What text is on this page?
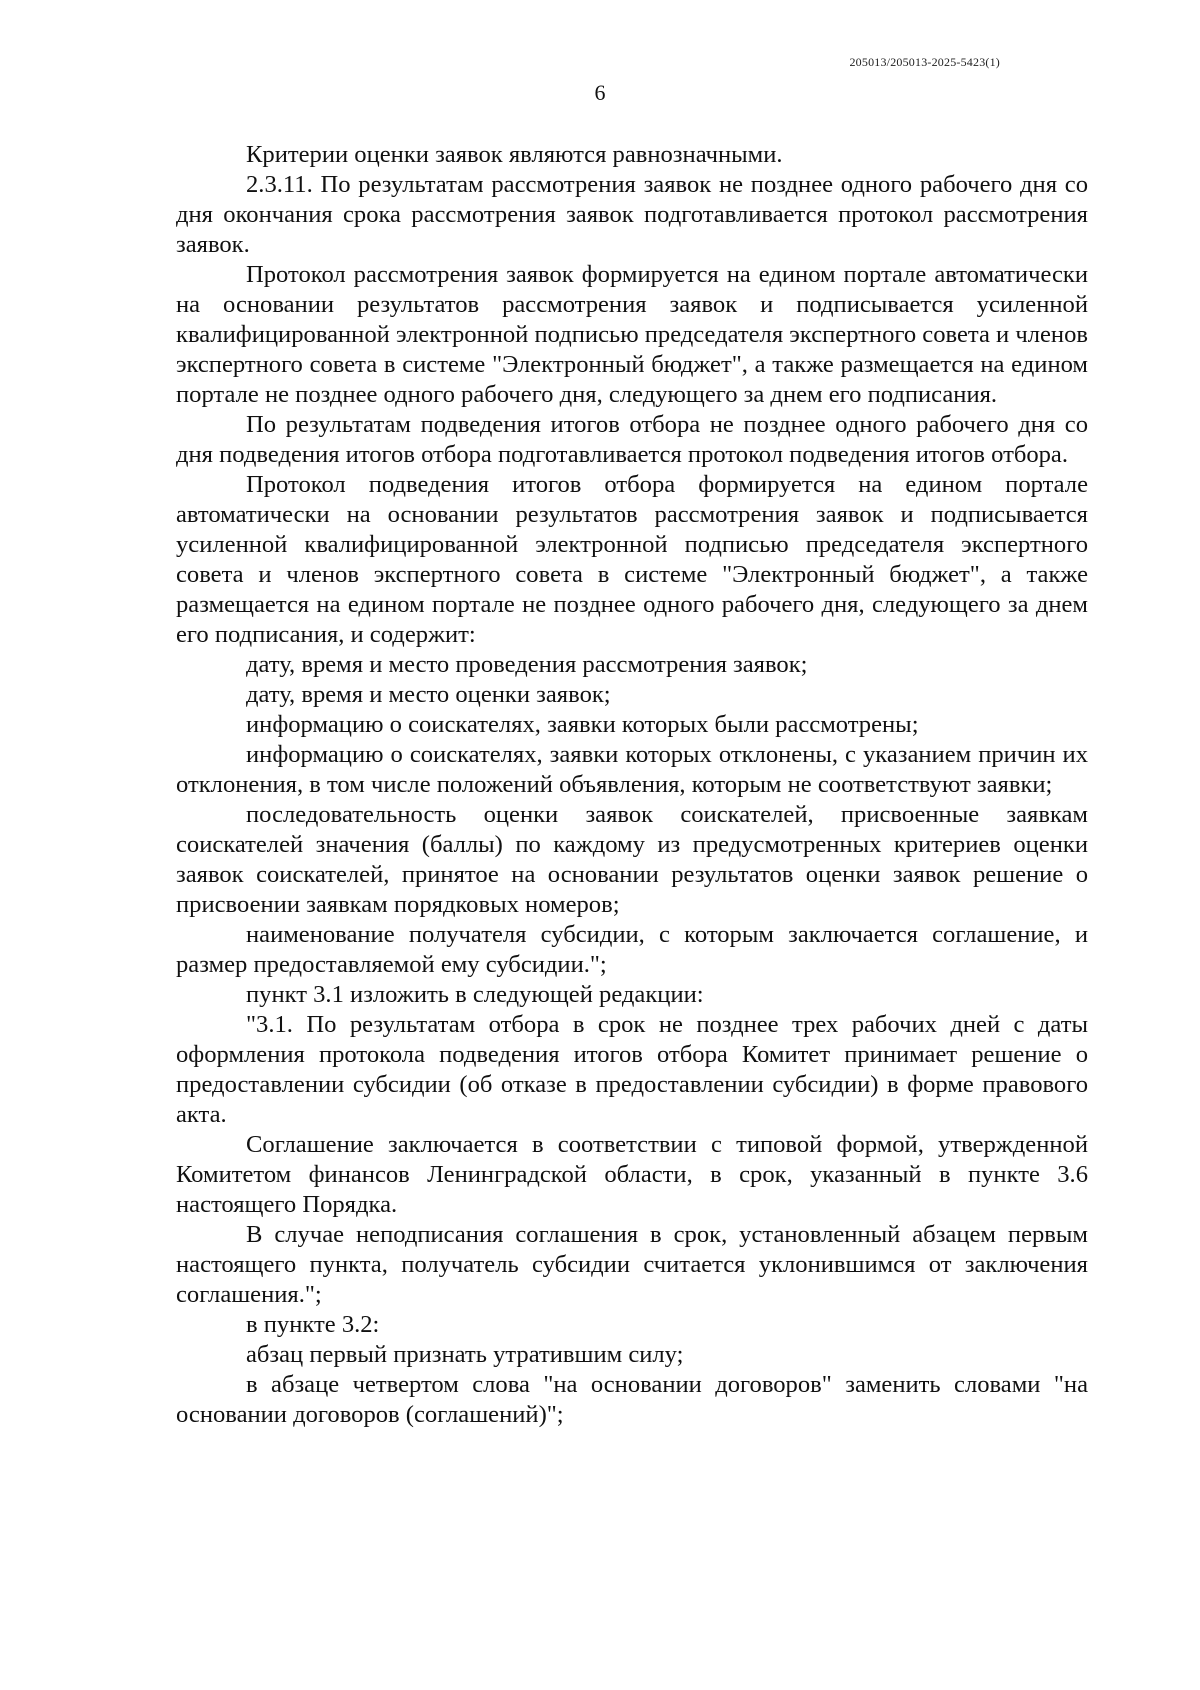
205013/205013-2025-5423(1)
6

Критерии оценки заявок являются равнозначными.

2.3.11. По результатам рассмотрения заявок не позднее одного рабочего дня со дня окончания срока рассмотрения заявок подготавливается протокол рассмотрения заявок.

Протокол рассмотрения заявок формируется на едином портале автоматически на основании результатов рассмотрения заявок и подписывается усиленной квалифицированной электронной подписью председателя экспертного совета и членов экспертного совета в системе "Электронный бюджет", а также размещается на едином портале не позднее одного рабочего дня, следующего за днем его подписания.

По результатам подведения итогов отбора не позднее одного рабочего дня со дня подведения итогов отбора подготавливается протокол подведения итогов отбора.

Протокол подведения итогов отбора формируется на едином портале автоматически на основании результатов рассмотрения заявок и подписывается усиленной квалифицированной электронной подписью председателя экспертного совета и членов экспертного совета в системе "Электронный бюджет", а также размещается на едином портале не позднее одного рабочего дня, следующего за днем его подписания, и содержит:

дату, время и место проведения рассмотрения заявок;

дату, время и место оценки заявок;

информацию о соискателях, заявки которых были рассмотрены;

информацию о соискателях, заявки которых отклонены, с указанием причин их отклонения, в том числе положений объявления, которым не соответствуют заявки;

последовательность оценки заявок соискателей, присвоенные заявкам соискателей значения (баллы) по каждому из предусмотренных критериев оценки заявок соискателей, принятое на основании результатов оценки заявок решение о присвоении заявкам порядковых номеров;

наименование получателя субсидии, с которым заключается соглашение, и размер предоставляемой ему субсидии.";

пункт 3.1 изложить в следующей редакции:

"3.1. По результатам отбора в срок не позднее трех рабочих дней с даты оформления протокола подведения итогов отбора Комитет принимает решение о предоставлении субсидии (об отказе в предоставлении субсидии) в форме правового акта.

Соглашение заключается в соответствии с типовой формой, утвержденной Комитетом финансов Ленинградской области, в срок, указанный в пункте 3.6 настоящего Порядка.

В случае неподписания соглашения в срок, установленный абзацем первым настоящего пункта, получатель субсидии считается уклонившимся от заключения соглашения.";

в пункте 3.2:

абзац первый признать утратившим силу;

в абзаце четвертом слова "на основании договоров" заменить словами "на основании договоров (соглашений)";
